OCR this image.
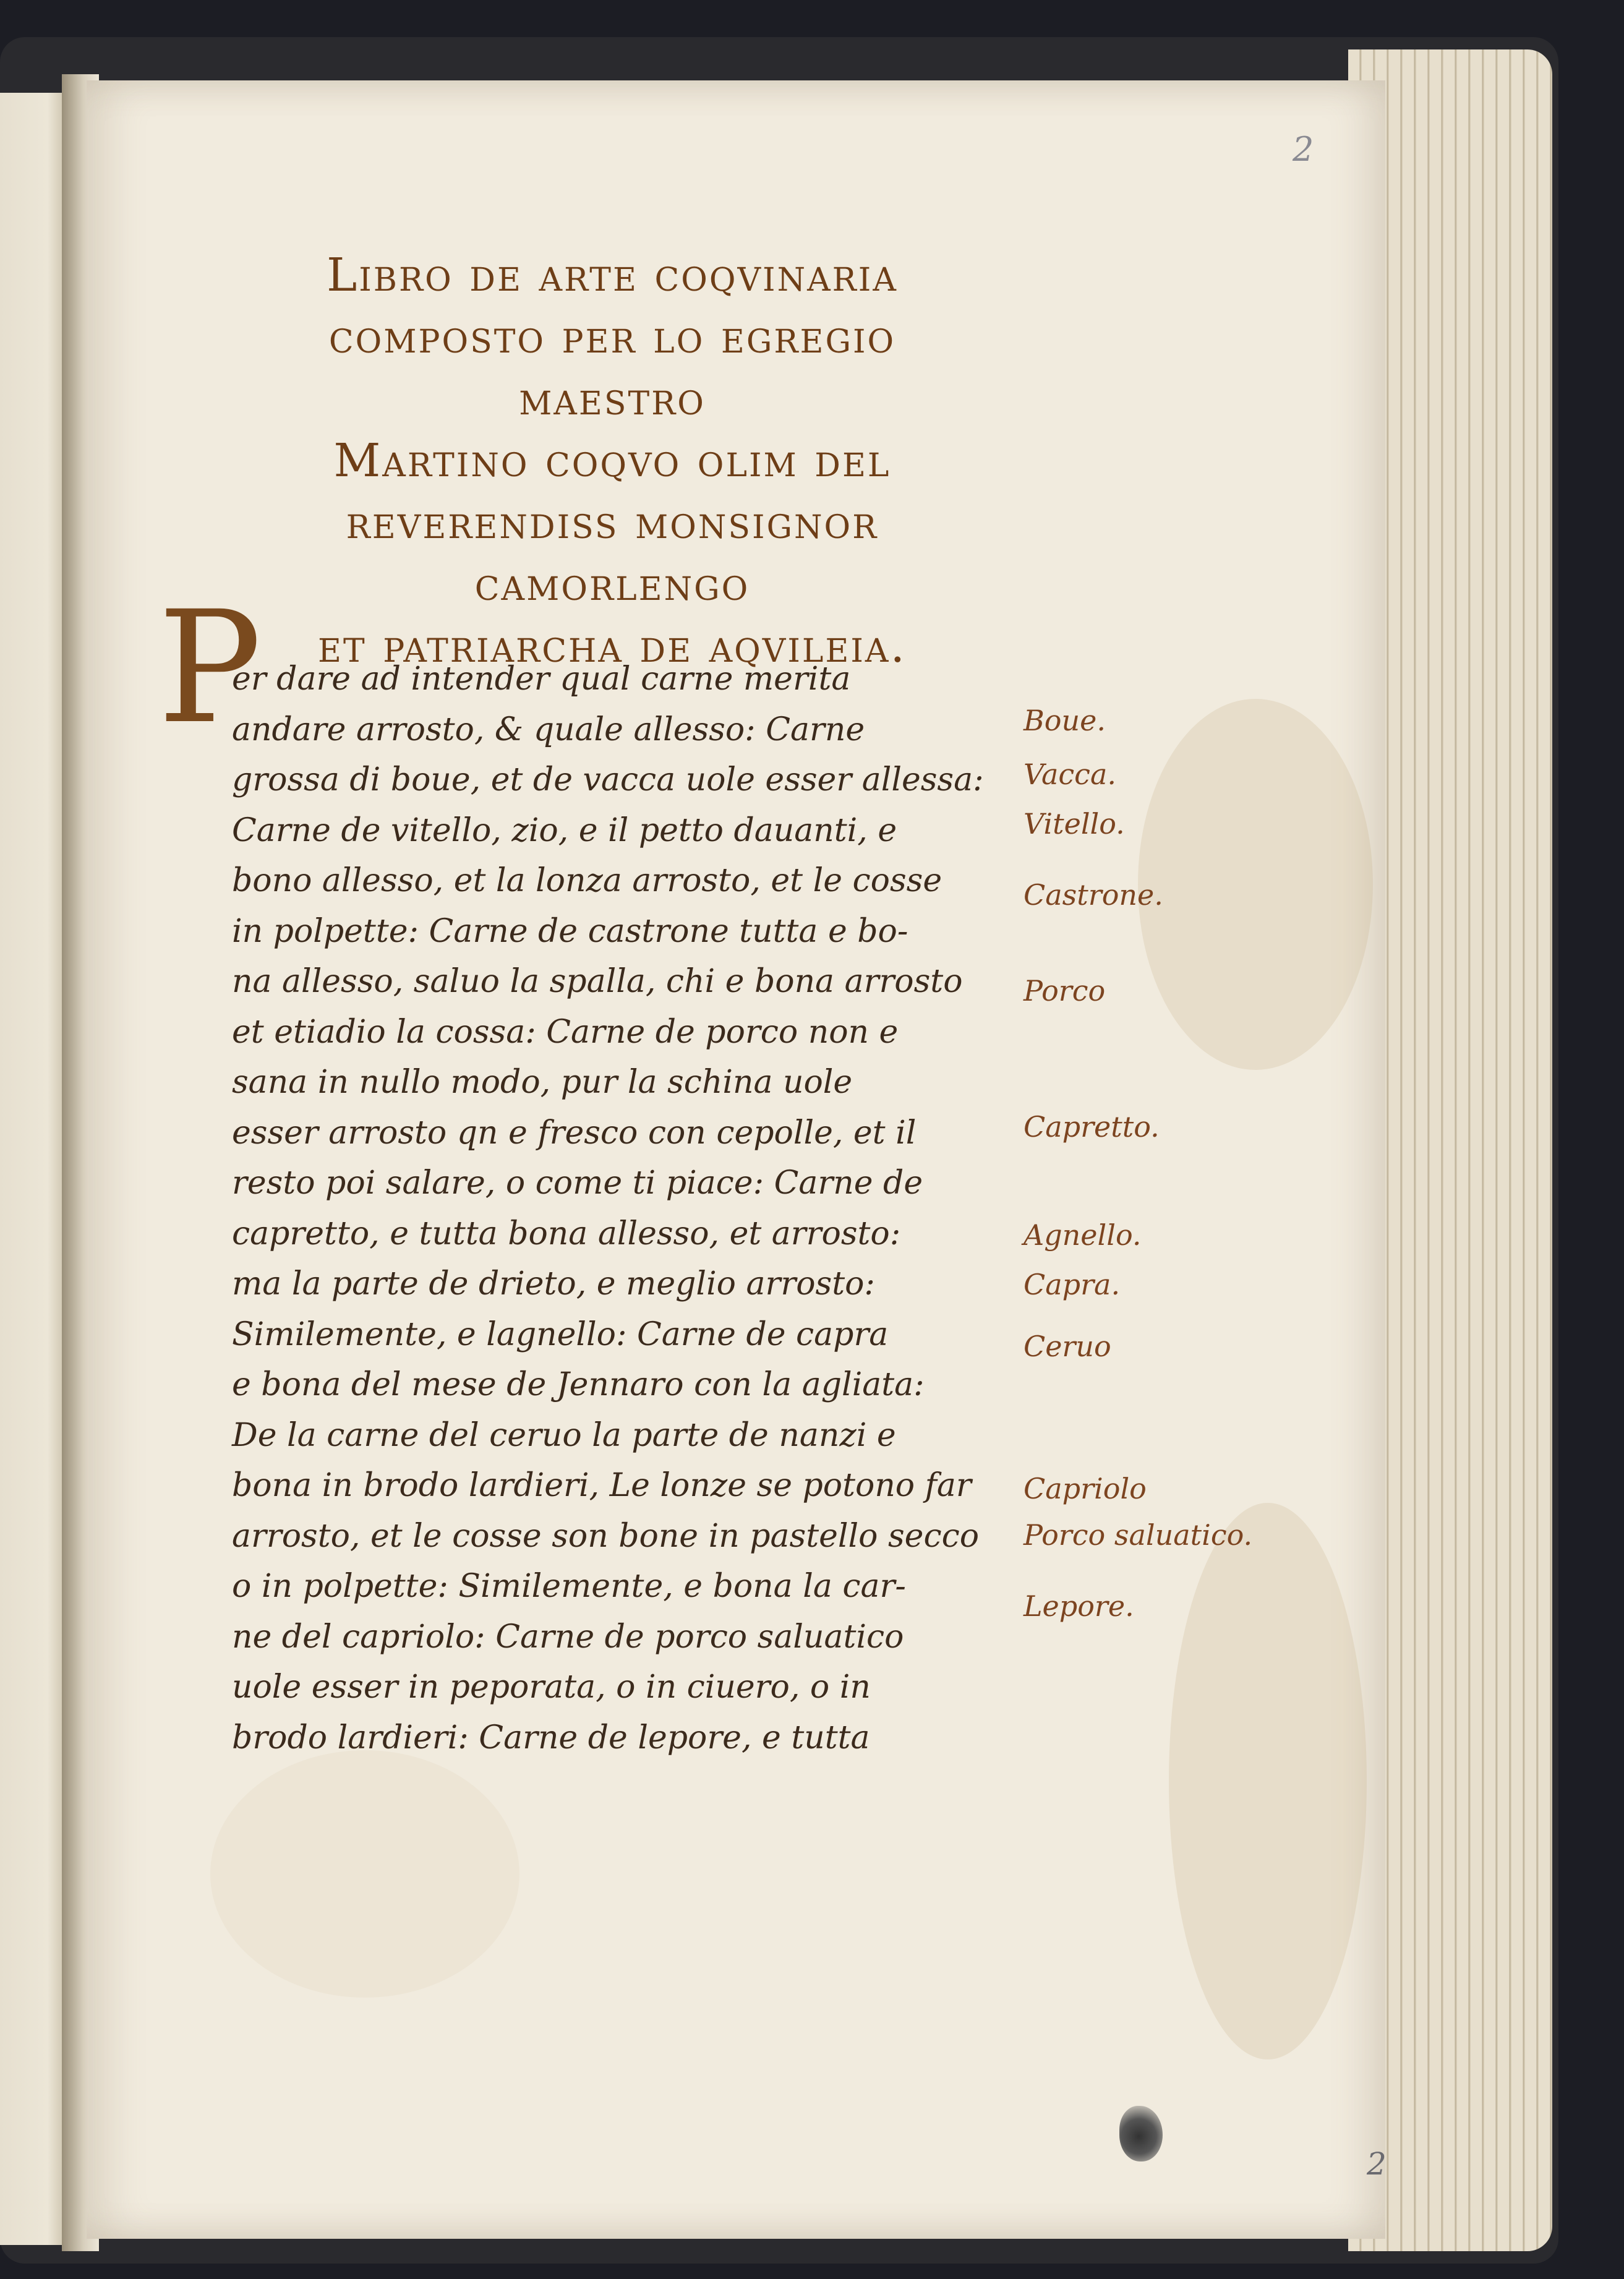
2
Libro de arte coqvinaria
composto per lo egregio
maestro
Martino coqvo olim del
reverendiss monsignor
camorlengo
et patriarcha de aqvileia.
P
er dare ad intender qual carne merita
andare arrosto, & quale allesso: Carne
grossa di boue, et de vacca uole esser allessa:
Carne de vitello, zio, e il petto dauanti, e
bono allesso, et la lonza arrosto, et le cosse
in polpette: Carne de castrone tutta e bo-
na allesso, saluo la spalla, chi e bona arrosto
et etiadio la cossa: Carne de porco non e
sana in nullo modo, pur la schina uole
esser arrosto qn e fresco con cepolle, et il
resto poi salare, o come ti piace: Carne de
capretto, e tutta bona allesso, et arrosto:
ma la parte de drieto, e meglio arrosto:
Similemente, e lagnello: Carne de capra
e bona del mese de Jennaro con la agliata:
De la carne del ceruo la parte de nanzi e
bona in brodo lardieri, Le lonze se potono far
arrosto, et le cosse son bone in pastello secco
o in polpette: Similemente, e bona la car-
ne del capriolo: Carne de porco saluatico
uole esser in peporata, o in ciuero, o in
brodo lardieri: Carne de lepore, e tutta
Boue.
Vacca.
Vitello.
Castrone.
Porco
Capretto.
Agnello.
Capra.
Ceruo
Capriolo
Porco saluatico.
Lepore.
2
